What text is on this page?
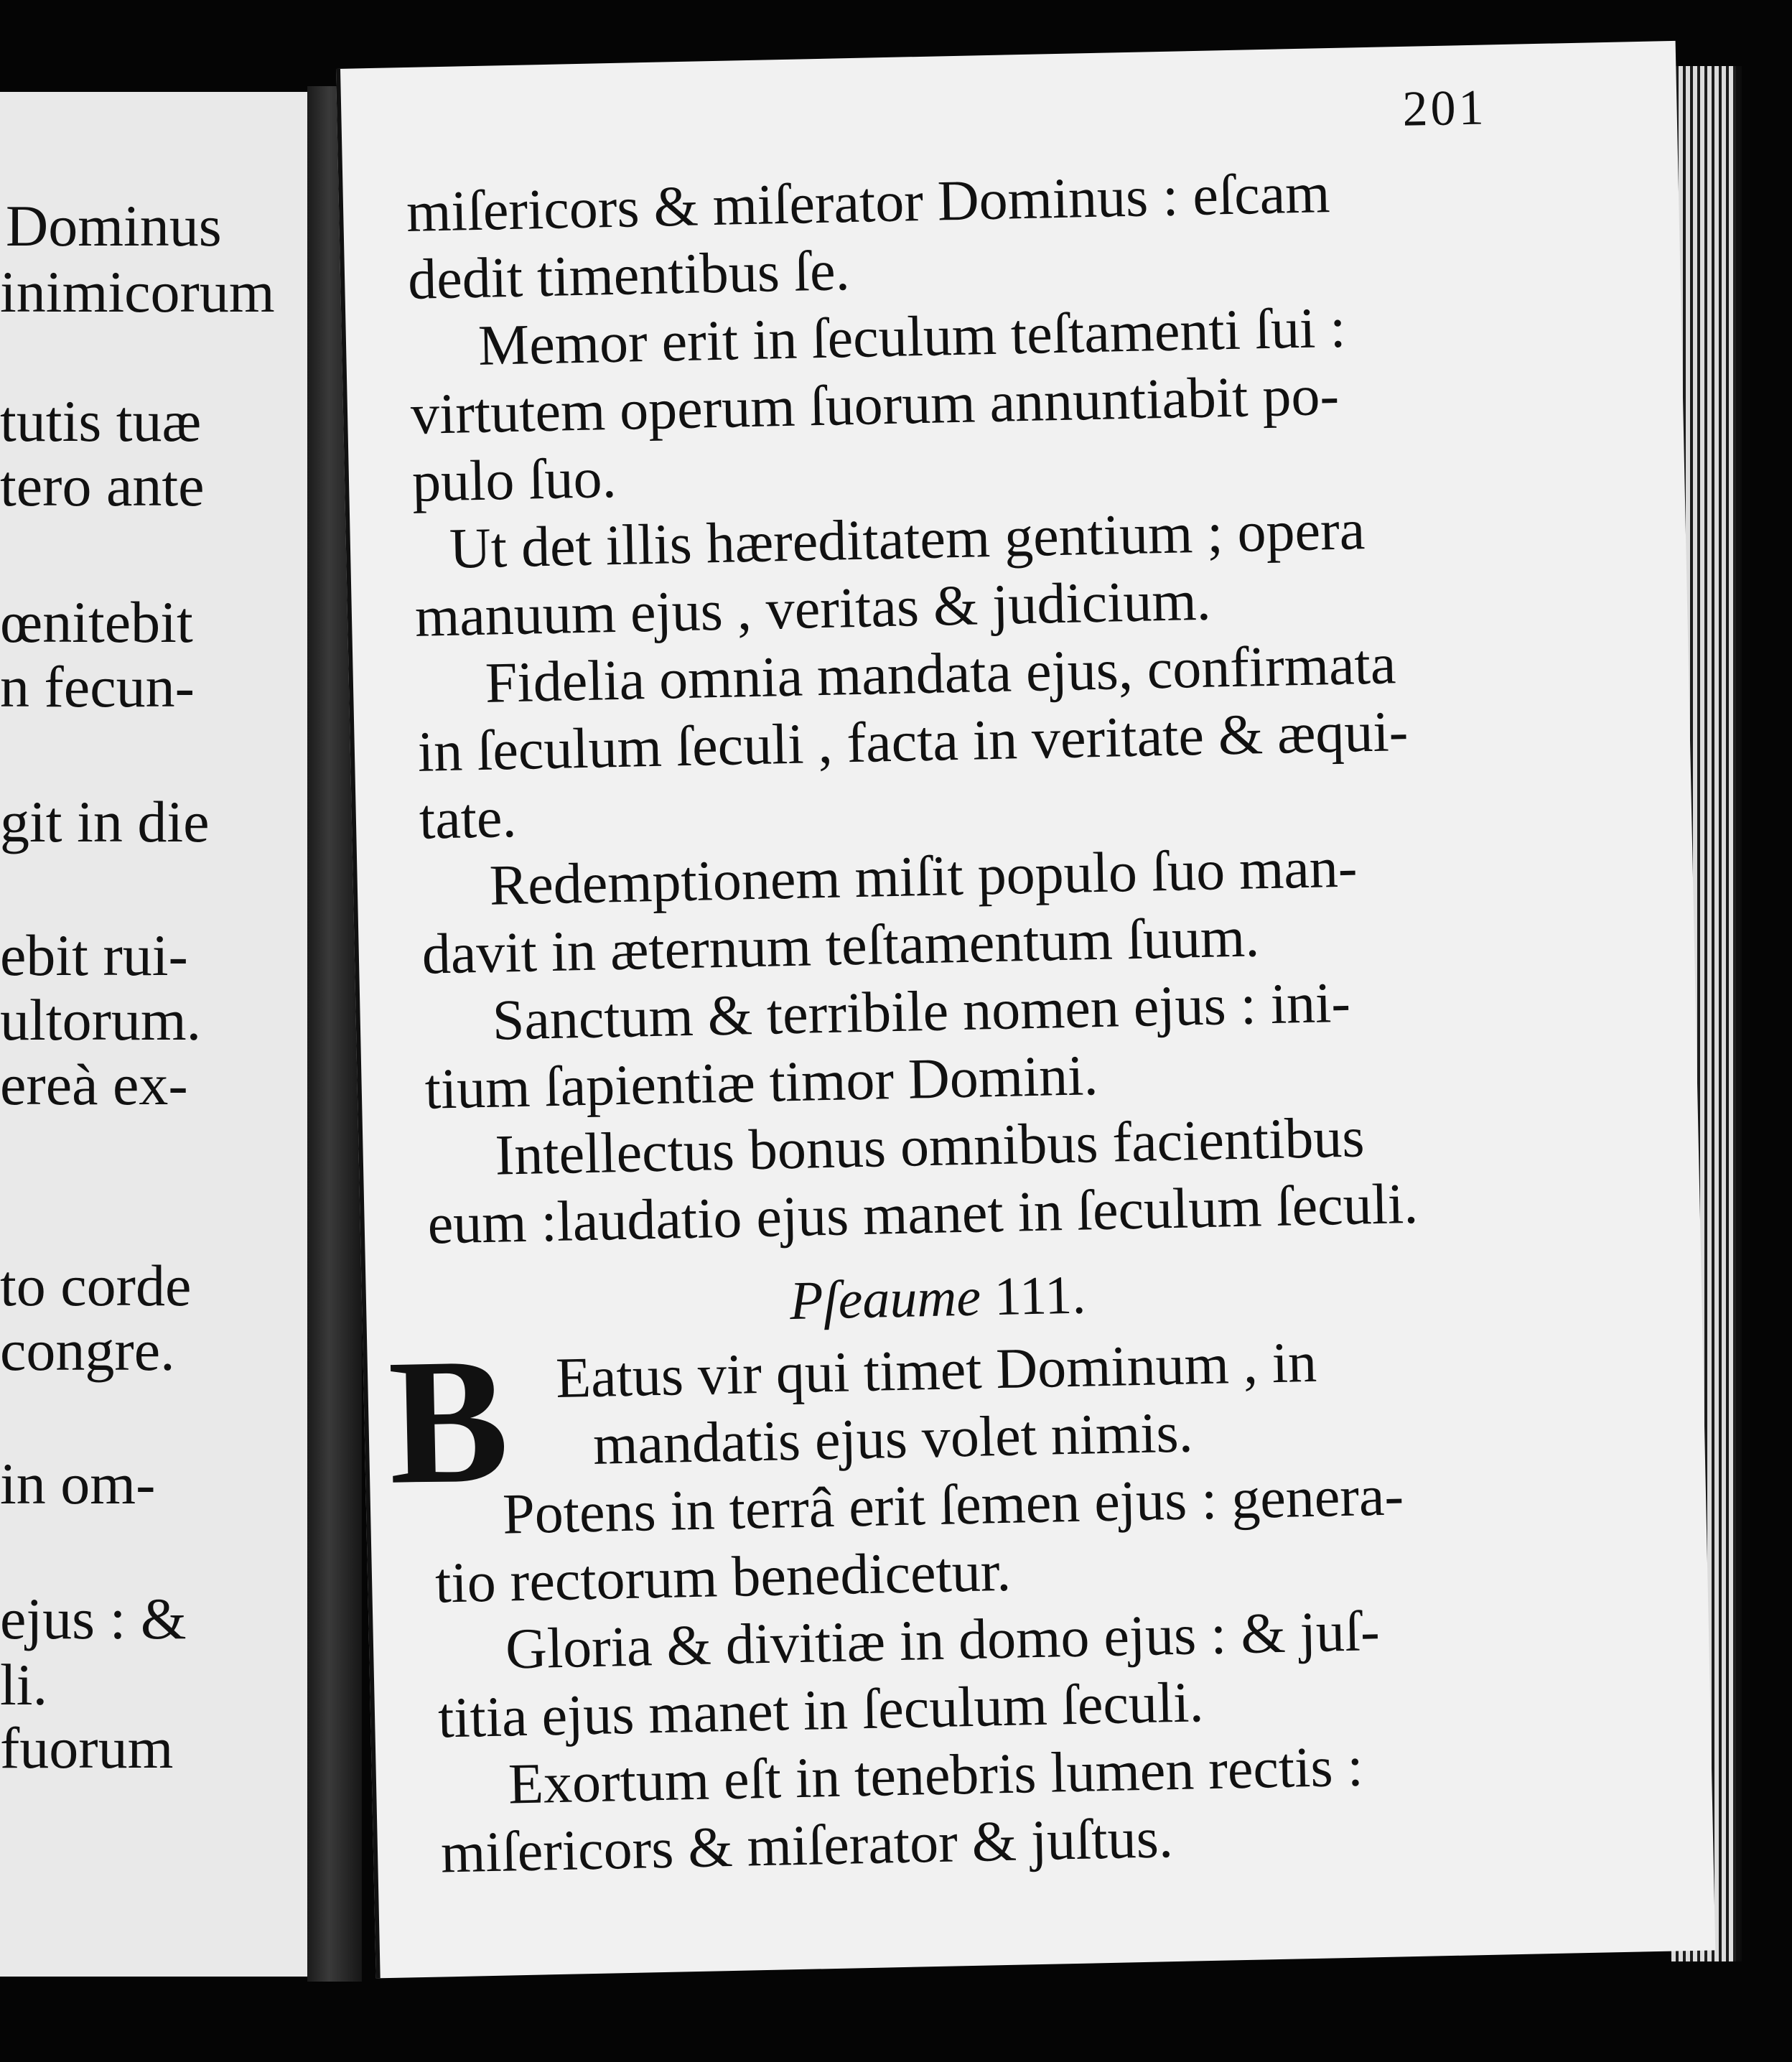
Dominus
inimicorum
tutis tuæ
tero ante
œnitebit
n fecun-
git in die
ebit rui-
ultorum.
ereà ex-
to corde
congre.
in om-
ejus : &
li.
fuorum
201
miſericors & miſerator Dominus : eſcam
dedit timentibus ſe.
Memor erit in ſeculum teſtamenti ſui :
virtutem operum ſuorum annuntiabit po-
pulo ſuo.
Ut det illis hæreditatem gentium ; opera
manuum ejus , veritas & judicium.
Fidelia omnia mandata ejus, confirmata
in ſeculum ſeculi , facta in veritate & æqui-
tate.
Redemptionem miſit populo ſuo man-
davit in æternum teſtamentum ſuum.
Sanctum & terribile nomen ejus : ini-
tium ſapientiæ timor Domini.
Intellectus bonus omnibus facientibus
eum :laudatio ejus manet in ſeculum ſeculi.
Pſeaume 111.
B Eatus vir qui timet Dominum , in
mandatis ejus volet nimis.
Potens in terrâ erit ſemen ejus : genera-
tio rectorum benedicetur.
Gloria & divitiæ in domo ejus : & juſ-
titia ejus manet in ſeculum ſeculi.
Exortum eſt in tenebris lumen rectis :
miſericors & miſerator & juſtus.
